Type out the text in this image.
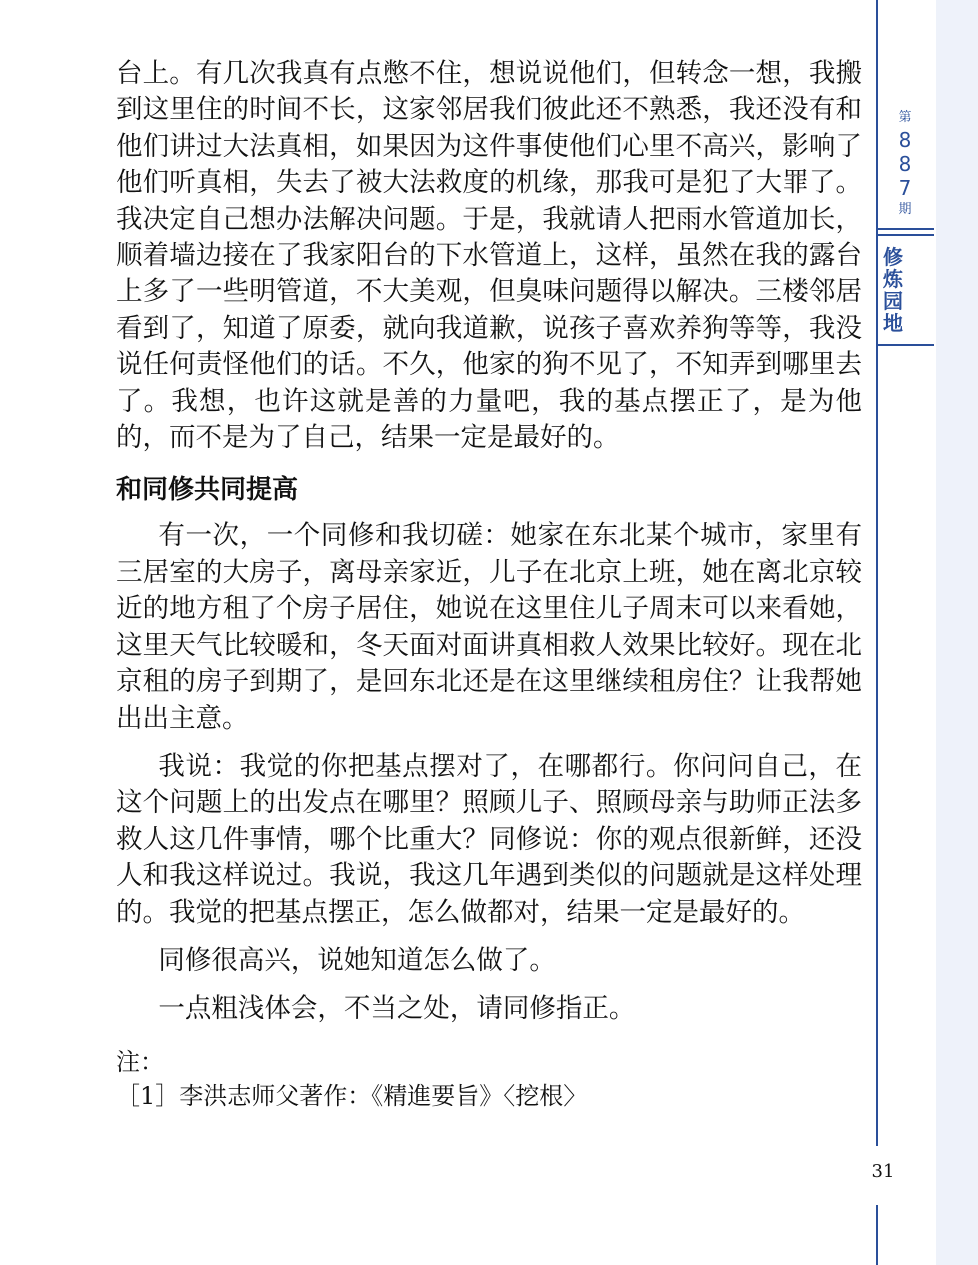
第
8
8
7
期
修
炼
园
地

台上。有几次我真有点憋不住，想说说他们，但转念一想，我搬到这里住的时间不长，这家邻居我们彼此还不熟悉，我还没有和他们讲过大法真相，如果因为这件事使他们心里不高兴，影响了他们听真相，失去了被大法救度的机缘，那我可是犯了大罪了。我决定自己想办法解决问题。于是，我就请人把雨水管道加长，顺着墙边接在了我家阳台的下水管道上，这样，虽然在我的露台上多了一些明管道，不大美观，但臭味问题得以解决。三楼邻居看到了，知道了原委，就向我道歉，说孩子喜欢养狗等等，我没说任何责怪他们的话。不久，他家的狗不见了，不知弄到哪里去了。我想，也许这就是善的力量吧，我的基点摆正了，是为他的，而不是为了自己，结果一定是最好的。

和同修共同提高

有一次，一个同修和我切磋：她家在东北某个城市，家里有三居室的大房子，离母亲家近，儿子在北京上班，她在离北京较近的地方租了个房子居住，她说在这里住儿子周末可以来看她，这里天气比较暖和，冬天面对面讲真相救人效果比较好。现在北京租的房子到期了，是回东北还是在这里继续租房住？让我帮她出出主意。

我说：我觉的你把基点摆对了，在哪都行。你问问自己，在这个问题上的出发点在哪里？照顾儿子、照顾母亲与助师正法多救人这几件事情，哪个比重大？同修说：你的观点很新鲜，还没人和我这样说过。我说，我这几年遇到类似的问题就是这样处理的。我觉的把基点摆正，怎么做都对，结果一定是最好的。

同修很高兴，说她知道怎么做了。

一点粗浅体会，不当之处，请同修指正。

注：
［1］李洪志师父著作：《精進要旨》〈挖根〉
31
